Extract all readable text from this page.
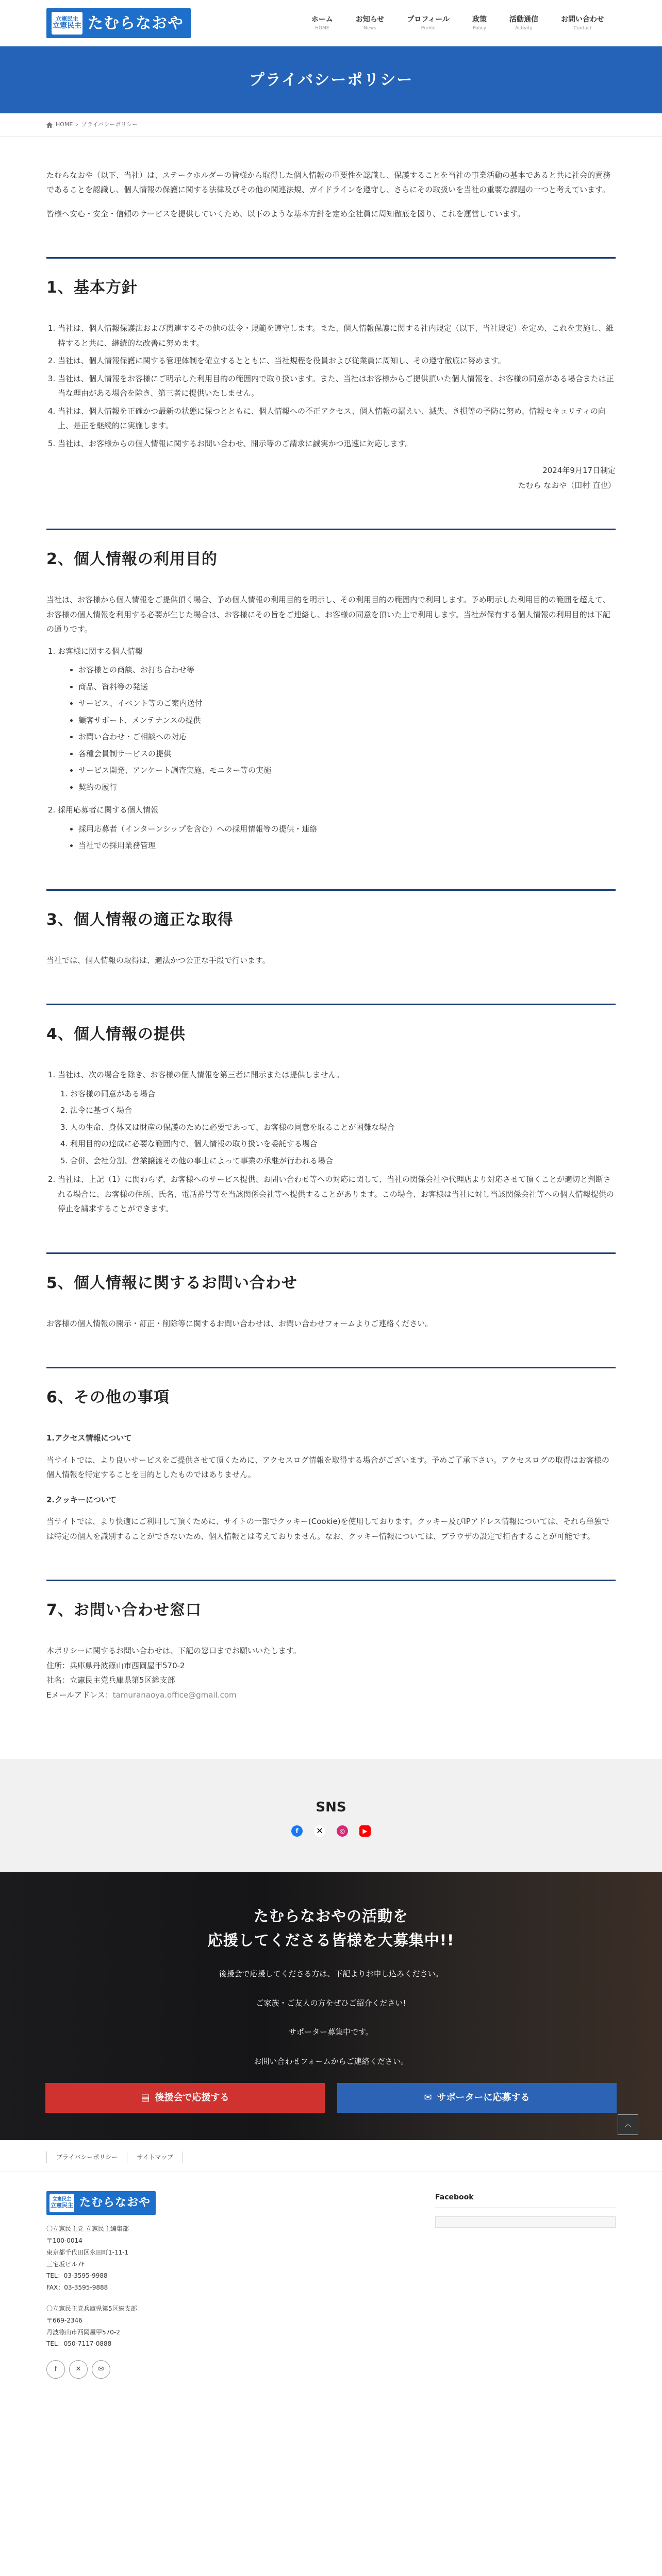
立憲民主
立憲民主 たむらなおや	ホーム
HOME
お知らせ
News
プロフィール
Profile
政策
Policy
活動通信
Activity
お問い合わせ
Contact
プライバシーポリシー
HOME › プライバシーポリシー

たむらなおや（以下、当社）は、ステークホルダーの皆様から取得した個人情報の重要性を認識し、保護することを当社の事業活動の基本であると共に社会的責務であることを認識し、個人情報の保護に関する法律及びその他の関連法規、ガイドラインを遵守し、さらにその取扱いを当社の重要な課題の一つと考えています。

皆様へ安心・安全・信頼のサービスを提供していくため、以下のような基本方針を定め全社員に周知徹底を図り、これを運営しています。

1、基本方針
1. 当社は、個人情報保護法および関連するその他の法令・規範を遵守します。また、個人情報保護に関する社内規定（以下、当社規定）を定め、これを実施し、維持すると共に、継続的な改善に努めます。
2. 当社は、個人情報保護に関する管理体制を確立するとともに、当社規程を役員および従業員に周知し、その遵守徹底に努めます。
3. 当社は、個人情報をお客様にご明示した利用目的の範囲内で取り扱います。また、当社はお客様からご提供頂いた個人情報を、お客様の同意がある場合または正当な理由がある場合を除き、第三者に提供いたしません。
4. 当社は、個人情報を正確かつ最新の状態に保つとともに、個人情報への不正アクセス、個人情報の漏えい、滅失、き損等の予防に努め、情報セキュリティの向上、是正を継続的に実施します。
5. 当社は、お客様からの個人情報に関するお問い合わせ、開示等のご請求に誠実かつ迅速に対応します。
2024年9月17日制定
たむら なおや（田村 直也）
2、個人情報の利用目的

当社は、お客様から個人情報をご提供頂く場合、予め個人情報の利用目的を明示し、その利用目的の範囲内で利用します。予め明示した利用目的の範囲を超えて、お客様の個人情報を利用する必要が生じた場合は、お客様にその旨をご連絡し、お客様の同意を頂いた上で利用します。当社が保有する個人情報の利用目的は下記の通りです。

1. お客様に関する個人情報
• お客様との商談、お打ち合わせ等
• 商品、資料等の発送
• サービス、イベント等のご案内送付
• 顧客サポート、メンテナンスの提供
• お問い合わせ・ご相談への対応
• 各種会員制サービスの提供
• サービス開発、アンケート調査実施、モニター等の実施
• 契約の履行
2. 採用応募者に関する個人情報
• 採用応募者（インターンシップを含む）への採用情報等の提供・連絡
• 当社での採用業務管理
3、個人情報の適正な取得

当社では、個人情報の取得は、適法かつ公正な手段で行います。

4、個人情報の提供
1. 当社は、次の場合を除き、お客様の個人情報を第三者に開示または提供しません。
1. お客様の同意がある場合
2. 法令に基づく場合
3. 人の生命、身体又は財産の保護のために必要であって、お客様の同意を取ることが困難な場合
4. 利用目的の達成に必要な範囲内で、個人情報の取り扱いを委託する場合
5. 合併、会社分割、営業譲渡その他の事由によって事業の承継が行われる場合
2. 当社は、上記（1）に関わらず、お客様へのサービス提供、お問い合わせ等への対応に関して、当社の関係会社や代理店より対応させて頂くことが適切と判断される場合に、お客様の住所、氏名、電話番号等を当該関係会社等へ提供することがあります。この場合、お客様は当社に対し当該関係会社等への個人情報提供の停止を請求することができます。
5、個人情報に関するお問い合わせ

お客様の個人情報の開示・訂正・削除等に関するお問い合わせは、お問い合わせフォームよりご連絡ください。

6、その他の事項

1.アクセス情報について

当サイトでは、より良いサービスをご提供させて頂くために、アクセスログ情報を取得する場合がございます。予めご了承下さい。アクセスログの取得はお客様の個人情報を特定することを目的としたものではありません。

2.クッキーについて

当サイトでは、より快適にご利用して頂くために、サイトの一部でクッキー(Cookie)を使用しております。クッキー及びIPアドレス情報については、それら単独では特定の個人を識別することができないため、個人情報とは考えておりません。なお、クッキー情報については、ブラウザの設定で拒否することが可能です。

7、お問い合わせ窓口

本ポリシーに関するお問い合わせは、下記の窓口までお願いいたします。

住所：兵庫県丹波篠山市西岡屋甲570-2

社名：立憲民主党兵庫県第5区総支部

Eメールアドレス：tamuranaoya.office@gmail.com

SNS
f	✕	◎	▶
たむらなおやの活動を
応援してくださる皆様を大募集中!!

後援会で応援してくださる方は、下記よりお申し込みください。

ご家族・ご友人の方をぜひご紹介ください!

サポーター募集中です。

お問い合わせフォームからご連絡ください。

▤ 後援会で応援する	✉ サポーターに応募する
︿
プライバシーポリシー	サイトマップ
立憲民主
立憲民主 たむらなおや

〇立憲民主党 立憲民主編集部

〒100-0014

東京都千代田区永田町1-11-1

三宅坂ビル7F

TEL：03-3595-9988

FAX：03-3595-9888

〇立憲民主党兵庫県第5区総支部

〒669-2346

丹波篠山市西岡屋甲570-2

TEL：050-7117-0888

f	✕	✉
Facebook
